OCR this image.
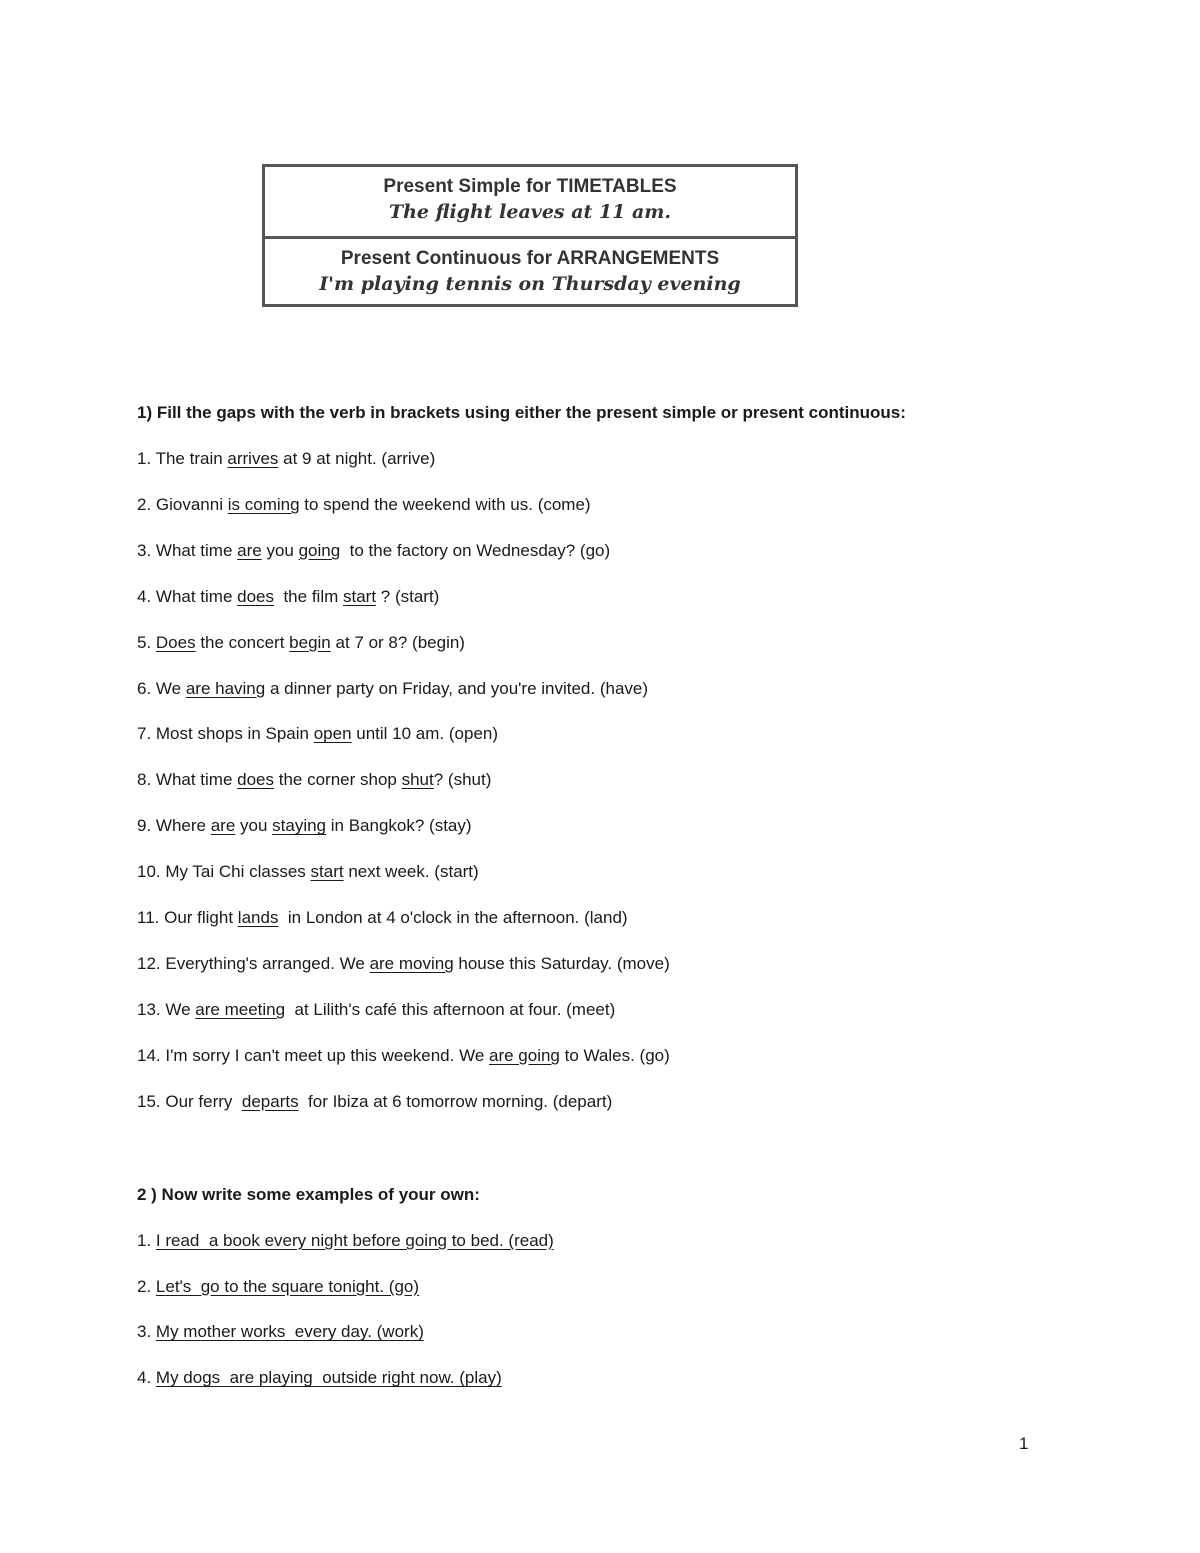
Present Simple for TIMETABLES
The flight leaves at 11 am.
Present Continuous for ARRANGEMENTS
I'm playing tennis on Thursday evening
1) Fill the gaps with the verb in brackets using either the present simple or present continuous:
1. The train arrives at 9 at night. (arrive)
2. Giovanni is coming to spend the weekend with us. (come)
3. What time are you going  to the factory on Wednesday? (go)
4. What time does  the film start ? (start)
5. Does the concert begin at 7 or 8? (begin)
6. We are having a dinner party on Friday, and you're invited. (have)
7. Most shops in Spain open until 10 am. (open)
8. What time does the corner shop shut? (shut)
9. Where are you staying in Bangkok? (stay)
10. My Tai Chi classes start next week. (start)
11. Our flight lands  in London at 4 o'clock in the afternoon. (land)
12. Everything's arranged. We are moving house this Saturday. (move)
13. We are meeting  at Lilith's café this afternoon at four. (meet)
14. I'm sorry I can't meet up this weekend. We are going to Wales. (go)
15. Our ferry  departs  for Ibiza at 6 tomorrow morning. (depart)
2 ) Now write some examples of your own:
1. I read  a book every night before going to bed. (read)
2. Let's  go to the square tonight. (go)
3. My mother works  every day. (work)
4. My dogs  are playing  outside right now. (play)
1
